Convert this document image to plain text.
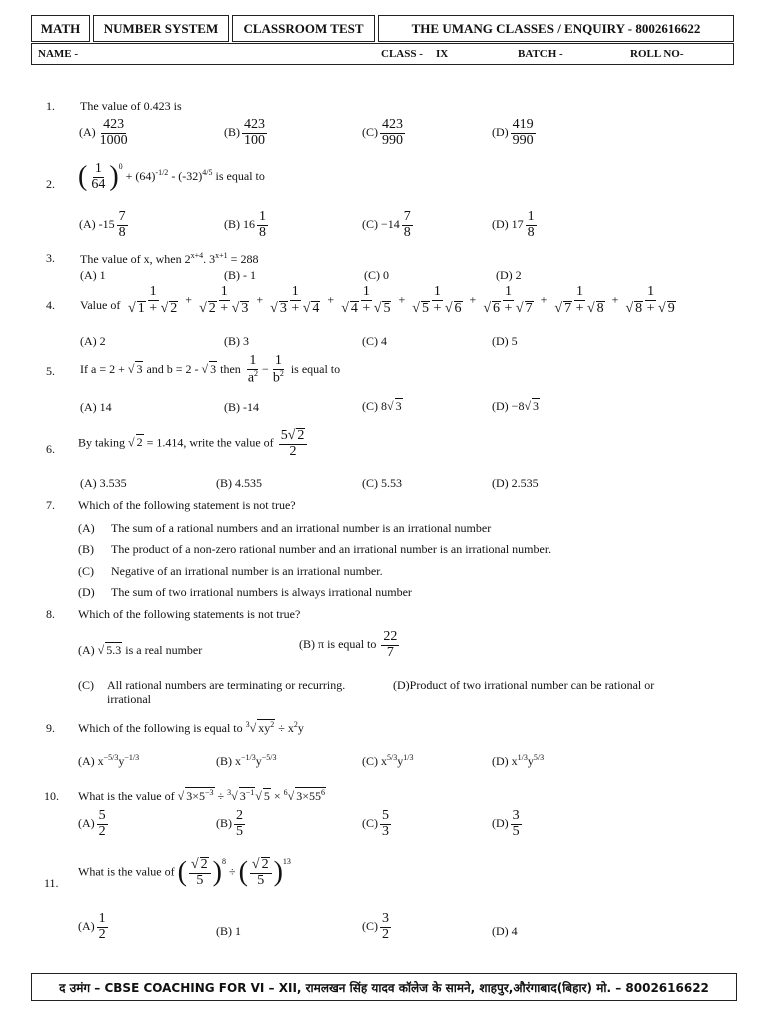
MATH	NUMBER SYSTEM	CLASSROOM TEST	THE UMANG CLASSES / ENQUIRY - 8002616622
NAME -	CLASS - IX	BATCH -	ROLL NO-
1. The value of 0.423 is
$(A) \frac{423}{1000}$	$(B) \frac{423}{100}$	$(C) \frac{423}{990}$	$(D) \frac{419}{990}$
2. ( $\frac{1}{64} )^0 + (64)^{-1/2} - (-32)^{4/5}$ is equal to
(A) $-15 \frac{7}{8}$	(B) $16 \frac{1}{8}$	$(C) -14 \frac{7}{8}$	(D) $17 \frac{1}{8}$
3. The value of x, when $2^{x+4}$. $3^{x+1} = 288$
(A) 1	(B) - 1	(C) 0	(D) 2
4. Value of $\frac{1}{√ 1 + √ 2} + \frac{1}{√ 2 + √ 3} + \frac{1}{√ 3 + √ 4} + \frac{1}{√ 4 + √ 5} + \frac{1}{√ 5 + √ 6} + \frac{1}{√ 6 + √ 7} + \frac{1}{√ 7 + √ 8} + \frac{1}{√ 8 + √ 9}$
(A) 2	(B) 3	(C) 4	(D) 5
5. If a = 2 + √ 3 and b = 2 - √ 3 then $\frac{1}{a^2} - \frac{1}{b^2}$ is equal to
(A) 14	(B) -14	(C) 8√ 3	(D) −8√ 3
6. By taking √ 2 = 1.414, write the value of $\frac{5√ 2}{2}$
(A) 3.535	(B) 4.535	(C) 5.53	(D) 2.535
7. Which of the following statement is not true?
(A) The sum of a rational numbers and an irrational number is an irrational number
(B) The product of a non-zero rational number and an irrational number is an irrational number.
(C) Negative of an irrational number is an irrational number.
(D) The sum of two irrational numbers is always irrational number
8. Which of the following statements is not true?
(A) √ 5.3 is a real number	(B) π is equal to $\frac{22}{7}$
(C) All rational numbers are terminating or recurring.	(D)Product of two irrational number can be rational or
irrational
9. Which of the following is equal to $^3$√ $xy^2 \div x^2y$
(A) $x^{-5/3}y^{-1/3}$	(B) $x^{-1/3}y^{-5/3}$	(C) $x^{5/3}y^{1/3}$	(D) $x^{1/3}y^{5/3}$
10. What is the value of √ $3\times 5^{-3} \div ^3√$ $3^{-1}√$ 5 × $^6$√ $3\times 55^6$
$(A) \frac{5}{2}$	$(B) \frac{2}{5}$	$(C) \frac{5}{3}$	$(D) \frac{3}{5}$
11.
What is the value of ( $\frac{√ 2}{5} )^8$ ÷ ( $\frac{√ 2}{5} )^{13}$
$(A) \frac{1}{2}$	(B) 1	$(C) \frac{3}{2}$	(D) 4
द उमंग – CBSE COACHING FOR VI – XII, रामलखन सिंह यादव कॉलेज के सामने, शाहपुर,औरंगाबाद(बिहार) मो. – 8002616622
